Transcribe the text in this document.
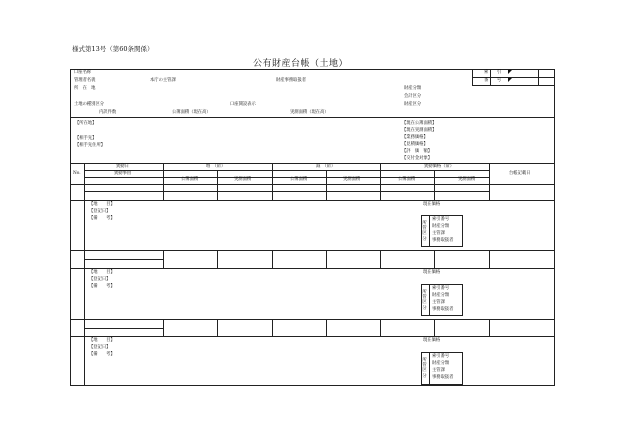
様式第13号（第60条関係）
公有財産台帳（土地）
口座名称
管理者名義	本庁の主管課	財産事務取扱者
所　在　地	財産分類
会計区分
土地の種別区分	口座開設表示	財産区分
内訳件数	公簿面積（現在高）	実測面積（現在高）
索　　引
番　　号
【所在地】
【相手先】
【相手先住所】
【現在公簿面積】
【現在実測面積】
【業務価格】
【見積価格】
【評　価　額】
【交付金対象】
No.
異動日
異動事由
増　（㎡）	減　（㎡）	異動価格（㎡）
公簿面積	実測面積	公簿面積	実測面積	公簿面積	実測面積
台帳記載日
【地　　目】
【登記日】
【備　　考】
現在価格
所管区分
索引番号
財産分類
主管課
事務取扱者
【地　　目】
【登記日】
【備　　考】
現在価格
所管区分
索引番号
財産分類
主管課
事務取扱者
【地　　目】
【登記日】
【備　　考】
現在価格
所管区分
索引番号
財産分類
主管課
事務取扱者
